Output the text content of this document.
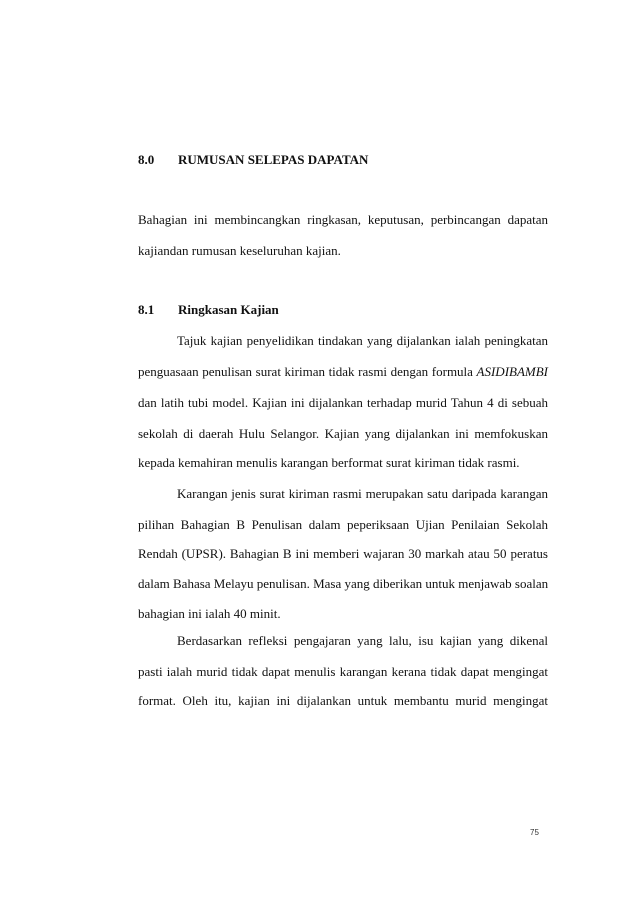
8.0 RUMUSAN SELEPAS DAPATAN
Bahagian ini membincangkan ringkasan, keputusan, perbincangan dapatan
kajiandan rumusan keseluruhan kajian.
8.1 Ringkasan Kajian
Tajuk kajian penyelidikan tindakan yang dijalankan ialah peningkatan
penguasaan penulisan surat kiriman tidak rasmi dengan formula ASIDIBAMBI
dan latih tubi model. Kajian ini dijalankan terhadap murid Tahun 4 di sebuah
sekolah di daerah Hulu Selangor. Kajian yang dijalankan ini memfokuskan
kepada kemahiran menulis karangan berformat surat kiriman tidak rasmi.
Karangan jenis surat kiriman rasmi merupakan satu daripada karangan
pilihan Bahagian B Penulisan dalam peperiksaan Ujian Penilaian Sekolah
Rendah (UPSR). Bahagian B ini memberi wajaran 30 markah atau 50 peratus
dalam Bahasa Melayu penulisan. Masa yang diberikan untuk menjawab soalan
bahagian ini ialah 40 minit.
Berdasarkan refleksi pengajaran yang lalu, isu kajian yang dikenal
pasti ialah murid tidak dapat menulis karangan kerana tidak dapat mengingat
format. Oleh itu, kajian ini dijalankan untuk membantu murid mengingat
75
